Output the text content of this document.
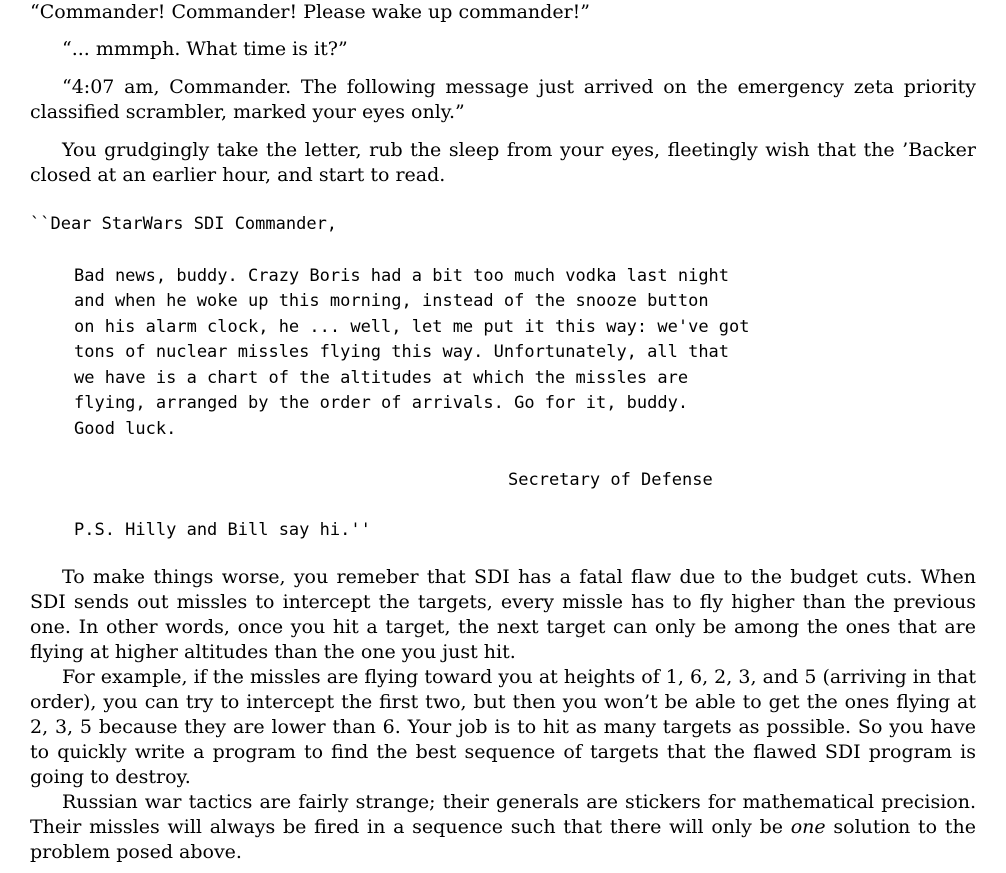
“Commander! Commander! Please wake up commander!”

“... mmmph. What time is it?”

“4:07 am, Commander. The following message just arrived on the emergency zeta priority classified scrambler, marked your eyes only.”

You grudgingly take the letter, rub the sleep from your eyes, fleetingly wish that the ’Backer closed at an earlier hour, and start to read.

``Dear StarWars SDI Commander,

Bad news, buddy. Crazy Boris had a bit too much vodka last night

and when he woke up this morning, instead of the snooze button

on his alarm clock, he ... well, let me put it this way: we've got

tons of nuclear missles flying this way. Unfortunately, all that

we have is a chart of the altitudes at which the missles are

flying, arranged by the order of arrivals. Go for it, buddy.

Good luck.

Secretary of Defense

P.S. Hilly and Bill say hi.''

To make things worse, you remeber that SDI has a fatal flaw due to the budget cuts. When SDI sends out missles to intercept the targets, every missle has to fly higher than the previous one. In other words, once you hit a target, the next target can only be among the ones that are flying at higher altitudes than the one you just hit.

For example, if the missles are flying toward you at heights of 1, 6, 2, 3, and 5 (arriving in that order), you can try to intercept the first two, but then you won’t be able to get the ones flying at 2, 3, 5 because they are lower than 6. Your job is to hit as many targets as possible. So you have to quickly write a program to find the best sequence of targets that the flawed SDI program is going to destroy.

Russian war tactics are fairly strange; their generals are stickers for mathematical precision. Their missles will always be fired in a sequence such that there will only be one solution to the problem posed above.
